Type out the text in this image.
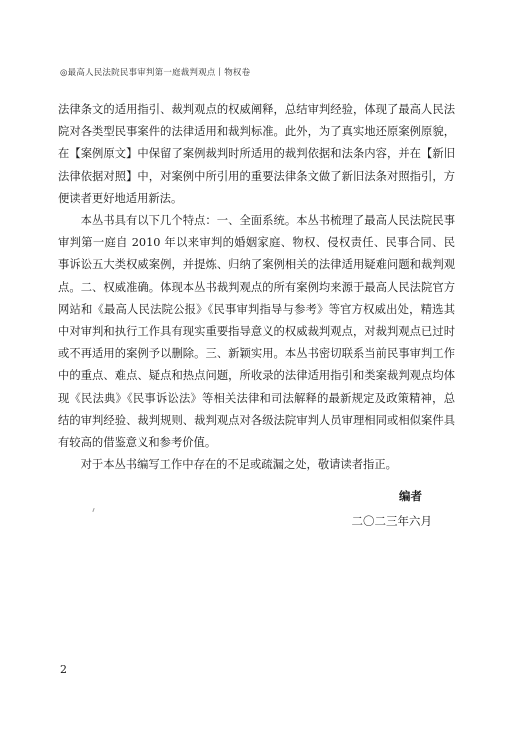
◎最高人民法院民事审判第一庭裁判观点丨物权卷

法律条文的适用指引、裁判观点的权威阐释，总结审判经验，体现了最高人民法院对各类型民事案件的法律适用和裁判标准。此外，为了真实地还原案例原貌，在【案例原文】中保留了案例裁判时所适用的裁判依据和法条内容，并在【新旧法律依据对照】中，对案例中所引用的重要法律条文做了新旧法条对照指引，方便读者更好地适用新法。

本丛书具有以下几个特点：一、全面系统。本丛书梳理了最高人民法院民事审判第一庭自 2010 年以来审判的婚姻家庭、物权、侵权责任、民事合同、民事诉讼五大类权威案例，并提炼、归纳了案例相关的法律适用疑难问题和裁判观点。二、权威准确。体现本丛书裁判观点的所有案例均来源于最高人民法院官方网站和《最高人民法院公报》《民事审判指导与参考》等官方权威出处，精选其中对审判和执行工作具有现实重要指导意义的权威裁判观点，对裁判观点已过时或不再适用的案例予以删除。三、新颖实用。本丛书密切联系当前民事审判工作中的重点、难点、疑点和热点问题，所收录的法律适用指引和类案裁判观点均体现《民法典》《民事诉讼法》等相关法律和司法解释的最新规定及政策精神，总结的审判经验、裁判规则、裁判观点对各级法院审判人员审理相同或相似案件具有较高的借鉴意义和参考价值。

对于本丛书编写工作中存在的不足或疏漏之处，敬请读者指正。

编者
二〇二三年六月
2
